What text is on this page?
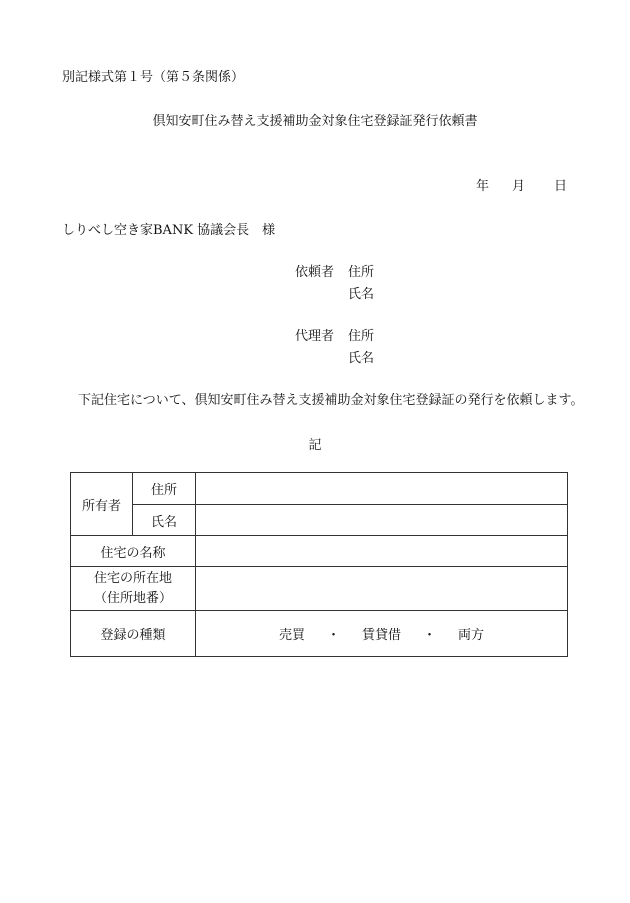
別記様式第１号（第５条関係）
倶知安町住み替え支援補助金対象住宅登録証発行依頼書
年 月 日
しりべし空き家BANK 協議会長　様
依頼者 住所
氏名
代理者 住所
氏名
下記住宅について、倶知安町住み替え支援補助金対象住宅登録証の発行を依頼します。
記
所有者	住所	
	氏名	
住宅の名称		

住宅の所在地
（住所地番）		

登録の種類		売買 ・ 賃貸借 ・ 両方
